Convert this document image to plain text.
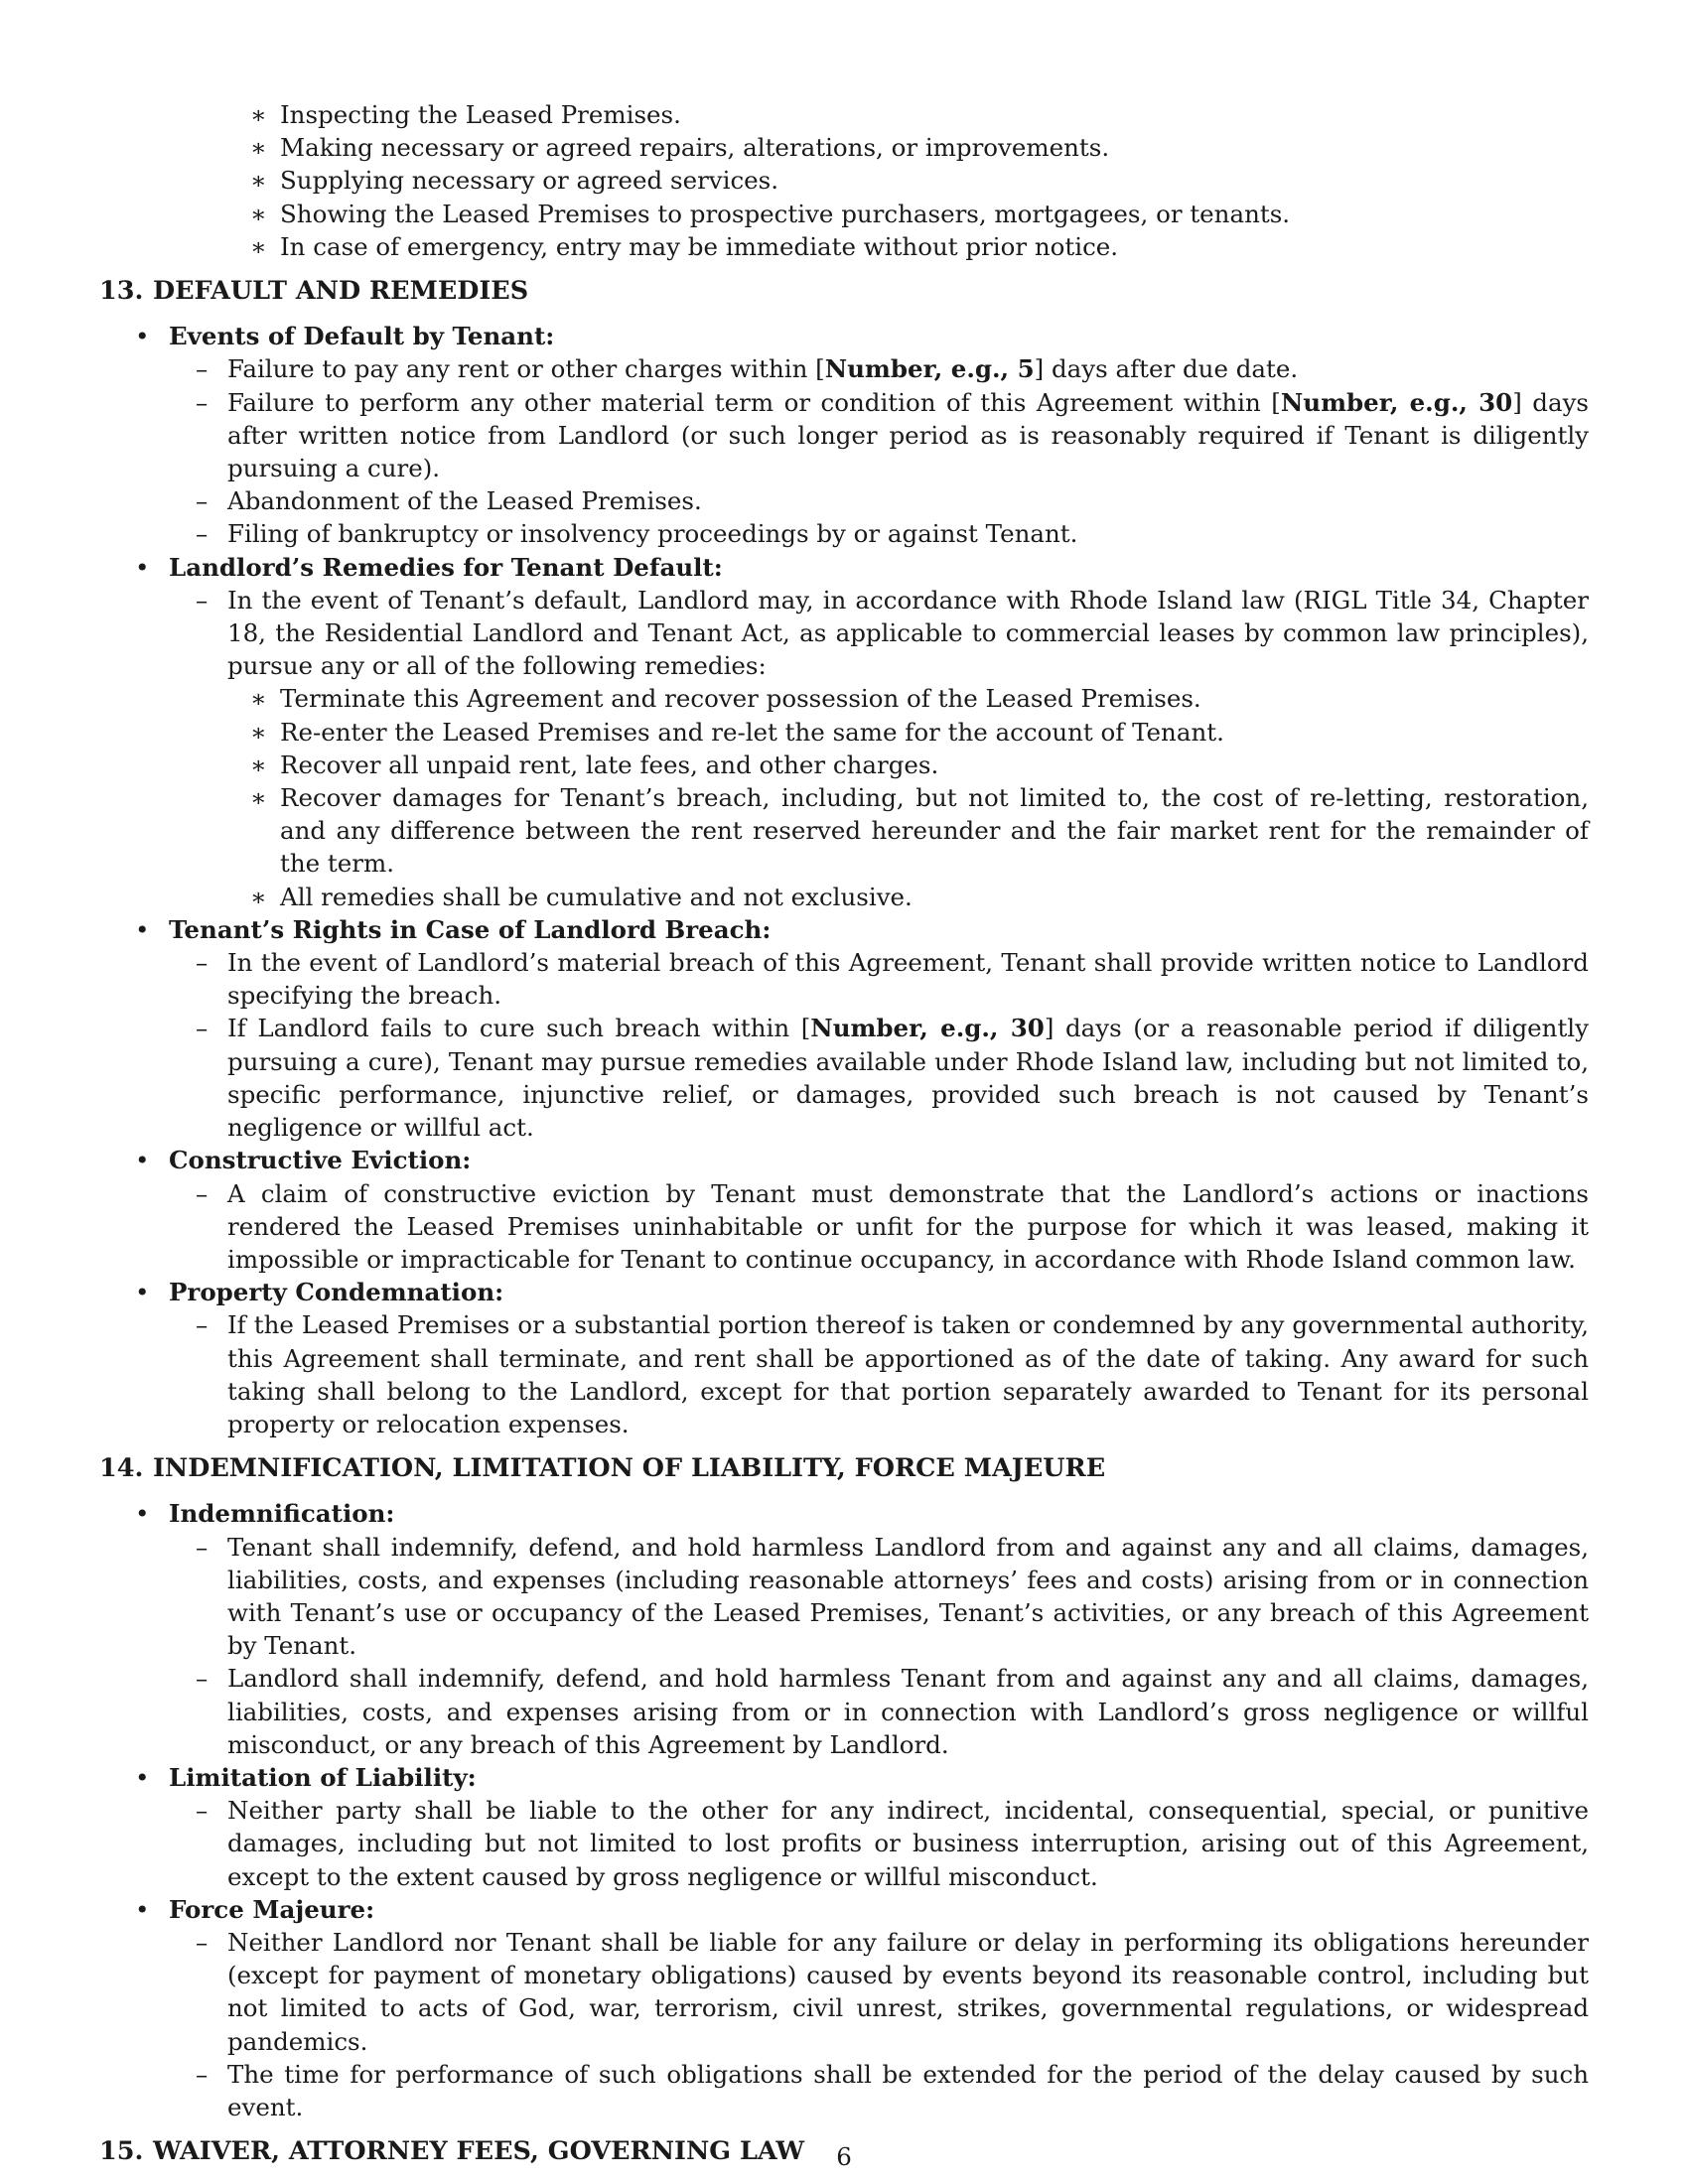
∗ Inspecting the Leased Premises.
∗ Making necessary or agreed repairs, alterations, or improvements.
∗ Supplying necessary or agreed services.
∗ Showing the Leased Premises to prospective purchasers, mortgagees, or tenants.
∗ In case of emergency, entry may be immediate without prior notice.
13. DEFAULT AND REMEDIES
• Events of Default by Tenant:
– Failure to pay any rent or other charges within [Number, e.g., 5] days after due date.
– Failure to perform any other material term or condition of this Agreement within [Number, e.g., 30] days after written notice from Landlord (or such longer period as is reasonably required if Tenant is diligently pursuing a cure).
– Abandonment of the Leased Premises.
– Filing of bankruptcy or insolvency proceedings by or against Tenant.
• Landlord’s Remedies for Tenant Default:
– In the event of Tenant’s default, Landlord may, in accordance with Rhode Island law (RIGL Title 34, Chapter 18, the Residential Landlord and Tenant Act, as applicable to commercial leases by common law principles), pursue any or all of the following remedies:
∗ Terminate this Agreement and recover possession of the Leased Premises.
∗ Re-enter the Leased Premises and re-let the same for the account of Tenant.
∗ Recover all unpaid rent, late fees, and other charges.
∗ Recover damages for Tenant’s breach, including, but not limited to, the cost of re-letting, restoration, and any difference between the rent reserved hereunder and the fair market rent for the remainder of the term.
∗ All remedies shall be cumulative and not exclusive.
• Tenant’s Rights in Case of Landlord Breach:
– In the event of Landlord’s material breach of this Agreement, Tenant shall provide written notice to Landlord specifying the breach.
– If Landlord fails to cure such breach within [Number, e.g., 30] days (or a reasonable period if diligently pursuing a cure), Tenant may pursue remedies available under Rhode Island law, including but not limited to, specific performance, injunctive relief, or damages, provided such breach is not caused by Tenant’s negligence or willful act.
• Constructive Eviction:
– A claim of constructive eviction by Tenant must demonstrate that the Landlord’s actions or inactions rendered the Leased Premises uninhabitable or unfit for the purpose for which it was leased, making it impossible or impracticable for Tenant to continue occupancy, in accordance with Rhode Island common law.
• Property Condemnation:
– If the Leased Premises or a substantial portion thereof is taken or condemned by any governmental authority, this Agreement shall terminate, and rent shall be apportioned as of the date of taking. Any award for such taking shall belong to the Landlord, except for that portion separately awarded to Tenant for its personal property or relocation expenses.
14. INDEMNIFICATION, LIMITATION OF LIABILITY, FORCE MAJEURE
• Indemnification:
– Tenant shall indemnify, defend, and hold harmless Landlord from and against any and all claims, damages, liabilities, costs, and expenses (including reasonable attorneys’ fees and costs) arising from or in connection with Tenant’s use or occupancy of the Leased Premises, Tenant’s activities, or any breach of this Agreement by Tenant.
– Landlord shall indemnify, defend, and hold harmless Tenant from and against any and all claims, damages, liabilities, costs, and expenses arising from or in connection with Landlord’s gross negligence or willful misconduct, or any breach of this Agreement by Landlord.
• Limitation of Liability:
– Neither party shall be liable to the other for any indirect, incidental, consequential, special, or punitive damages, including but not limited to lost profits or business interruption, arising out of this Agreement, except to the extent caused by gross negligence or willful misconduct.
• Force Majeure:
– Neither Landlord nor Tenant shall be liable for any failure or delay in performing its obligations hereunder (except for payment of monetary obligations) caused by events beyond its reasonable control, including but not limited to acts of God, war, terrorism, civil unrest, strikes, governmental regulations, or widespread pandemics.
– The time for performance of such obligations shall be extended for the period of the delay caused by such event.
15. WAIVER, ATTORNEY FEES, GOVERNING LAW	6
